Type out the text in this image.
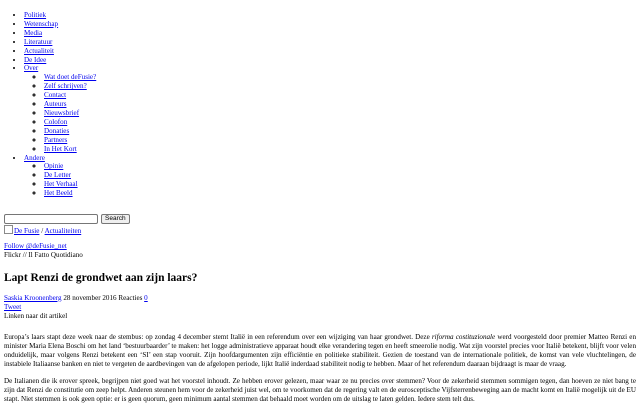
• Politiek
• Wetenschap
• Media
• Literatuur
• Actualiteit
• De Idee
• Over
◦ Wat doet deFusie?
◦ Zelf schrijven?
◦ Contact
◦ Auteurs
◦ Nieuwsbrief
◦ Colofon
◦ Donaties
◦ Partners
◦ In Het Kort
• Andere
◦ Opinie
◦ De Letter
◦ Het Verhaal
◦ Het Beeld
Search
De Fusie / Actualiteiten
Follow @deFusie_net
Flickr // Il Fatto Quotidiano
Lapt Renzi de grondwet aan zijn laars?
Saskia Kroonenberg 28 november 2016 Reacties 0
Tweet
Linken naar dit artikel

Europa’s laars stapt deze week naar de stembus: op zondag 4 december stemt Italië in een referendum over een wijziging van haar grondwet. Deze riforma costituzionale werd voorgesteld door premier Matteo Renzi en minister Maria Elena Boschi om het land ‘bestuurbaarder’ te maken: het logge administratieve apparaat houdt elke verandering tegen en heeft smeerolie nodig. Wat zijn voorstel precies voor Italië betekent, blijft voor velen onduidelijk, maar volgens Renzi betekent een ‘SI’ een stap vooruit. Zijn hoofdargumenten zijn efficiëntie en politieke stabiliteit. Gezien de toestand van de internationale politiek, de komst van vele vluchtelingen, de instabiele Italiaanse banken en niet te vergeten de aardbevingen van de afgelopen periode, lijkt Italië inderdaad stabiliteit nodig te hebben. Maar of het referendum daaraan bijdraagt is maar de vraag.

De Italianen die ik erover spreek, begrijpen niet goed wat het voorstel inhoudt. Ze hebben erover gelezen, maar waar ze nu precies over stemmen? Voor de zekerheid stemmen sommigen tegen, dan hoeven ze niet bang te zijn dat Renzi de constitutie om zeep helpt. Anderen steunen hem voor de zekerheid juist wel, om te voorkomen dat de regering valt en de eurosceptische Vijfsterrenbeweging aan de macht komt en Italië mogelijk uit de EU stapt. Niet stemmen is ook geen optie: er is geen quorum, geen minimum aantal stemmen dat behaald moet worden om de uitslag te laten gelden. Iedere stem telt dus.
